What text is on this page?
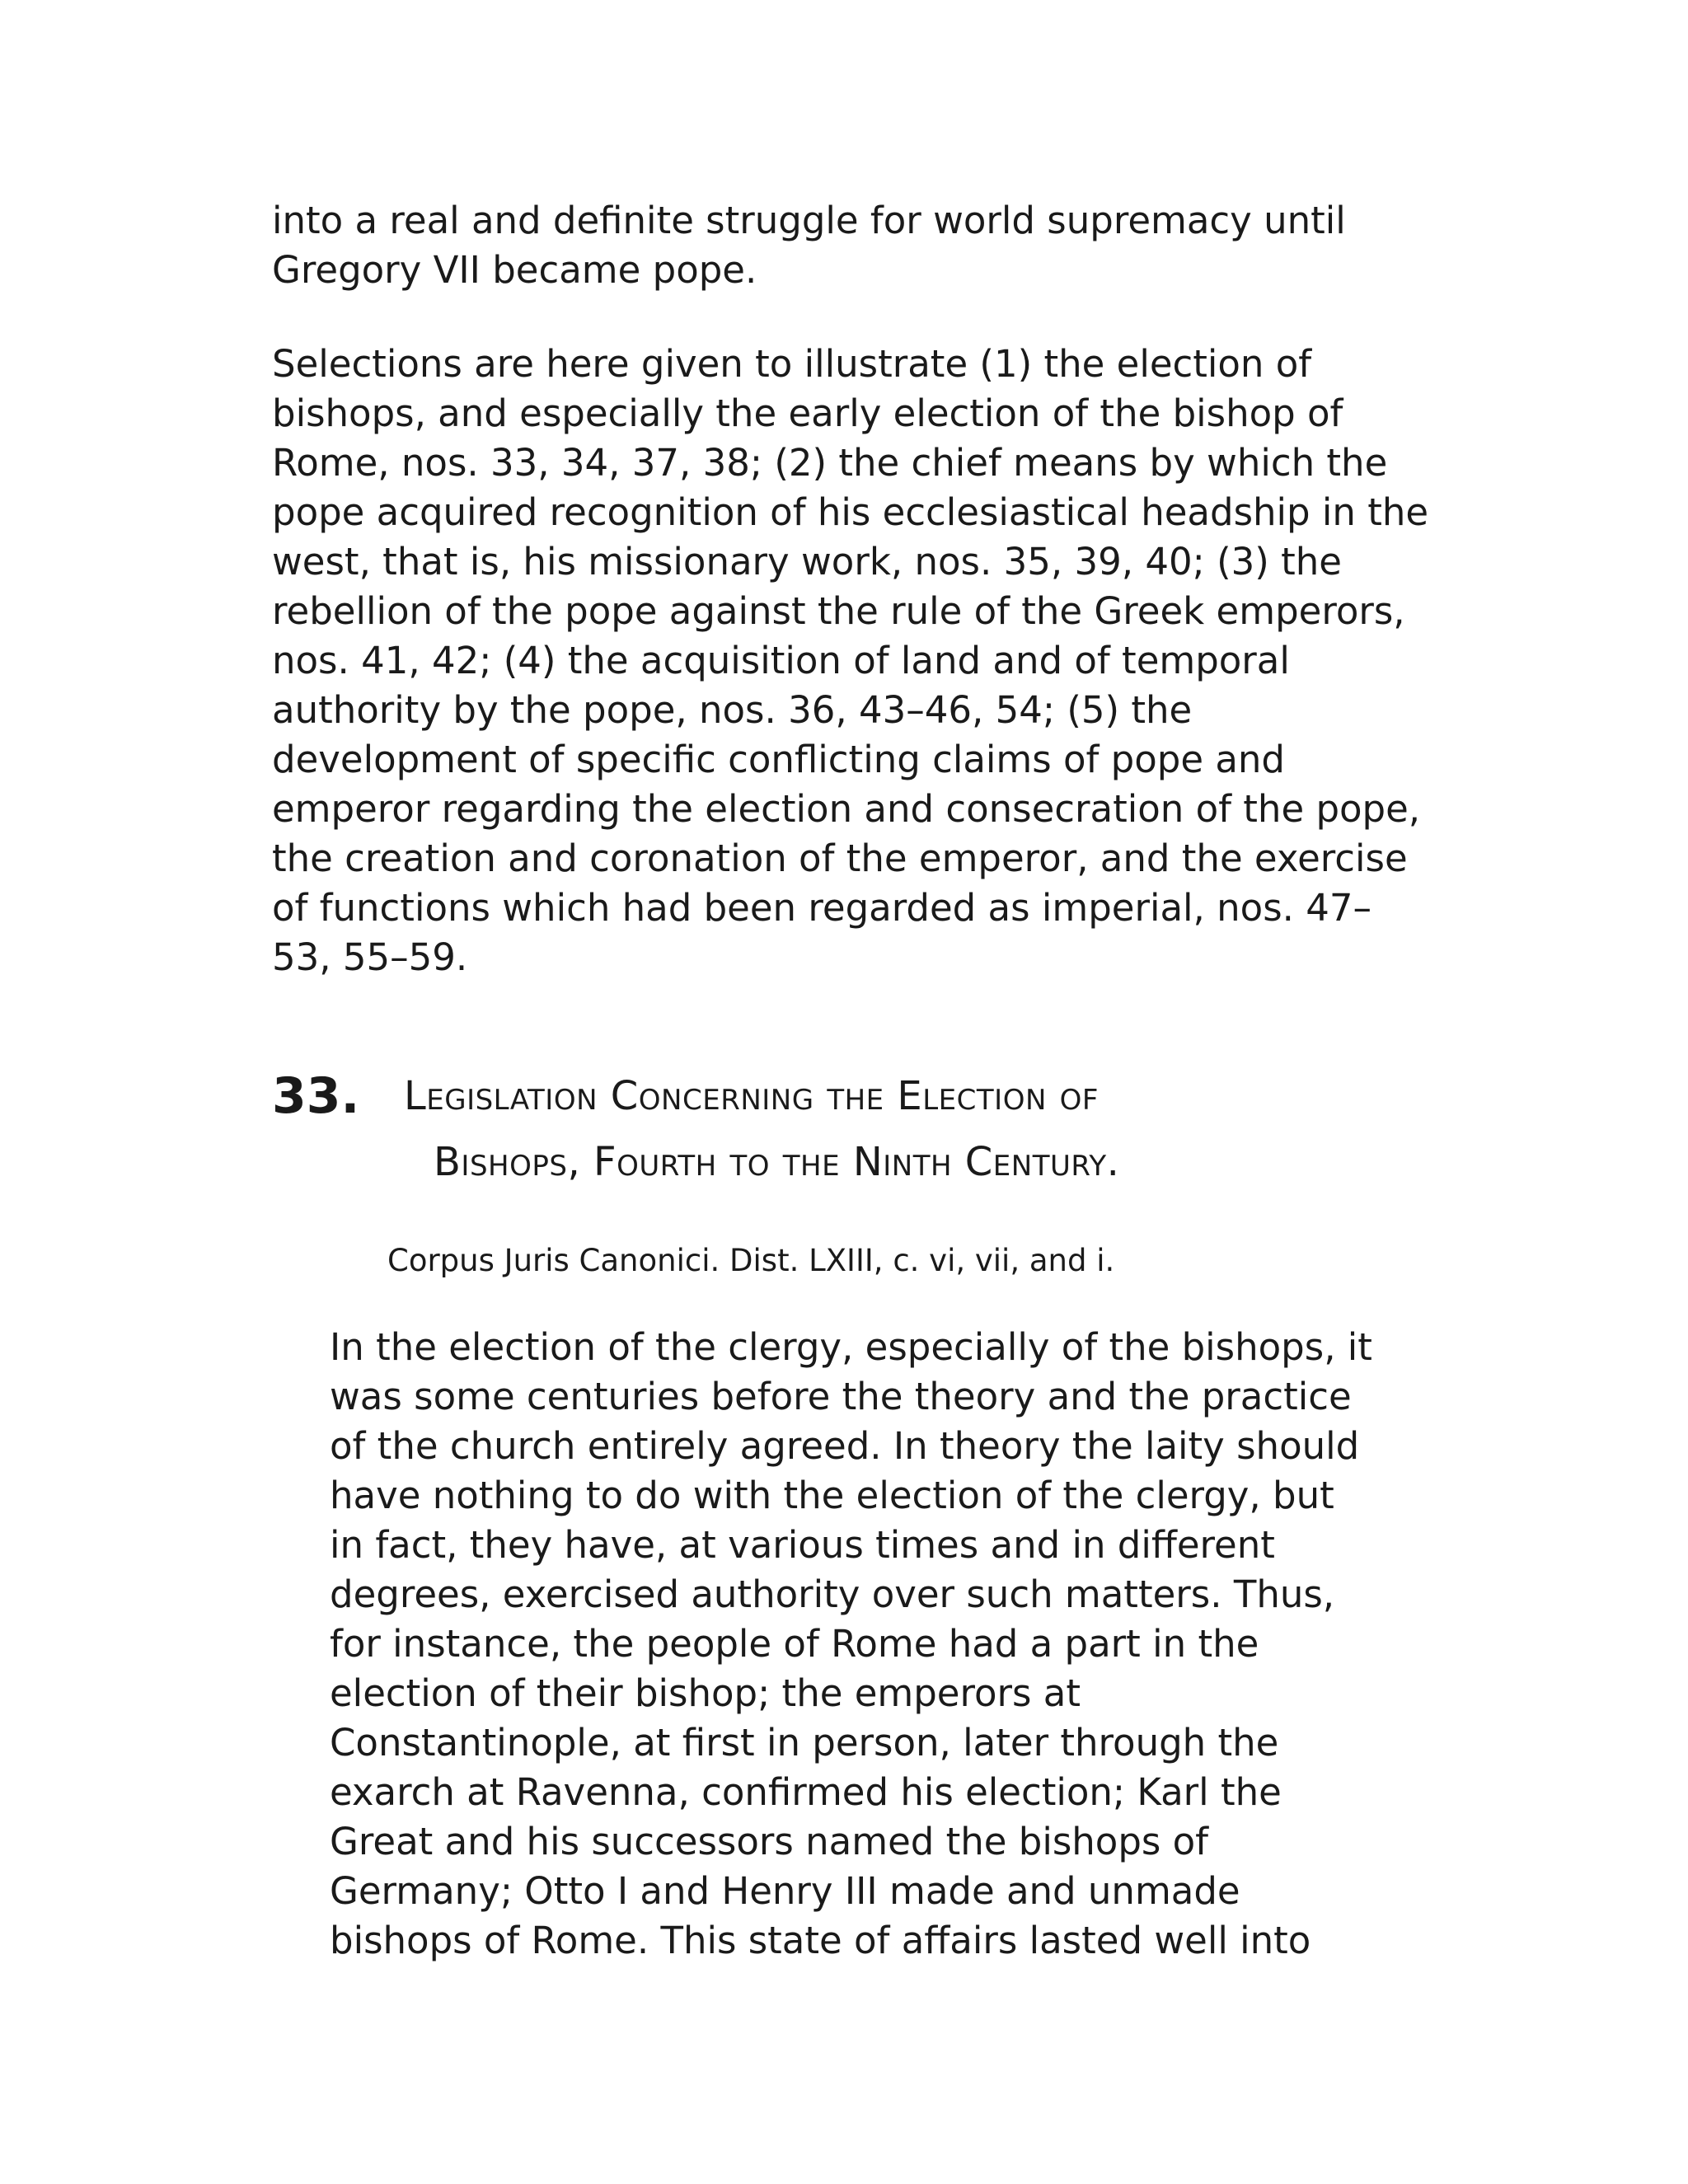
into a real and definite struggle for world supremacy until
Gregory VII became pope.

Selections are here given to illustrate (1) the election of
bishops, and especially the early election of the bishop of
Rome, nos. 33, 34, 37, 38; (2) the chief means by which the
pope acquired recognition of his ecclesiastical headship in the
west, that is, his missionary work, nos. 35, 39, 40; (3) the
rebellion of the pope against the rule of the Greek emperors,
nos. 41, 42; (4) the acquisition of land and of temporal
authority by the pope, nos. 36, 43–46, 54; (5) the
development of specific conflicting claims of pope and
emperor regarding the election and consecration of the pope,
the creation and coronation of the emperor, and the exercise
of functions which had been regarded as imperial, nos. 47–
53, 55–59.

33. Legislation Concerning the Election of
Bishops, Fourth to the Ninth Century.
Corpus Juris Canonici. Dist. LXIII, c. vi, vii, and i.

In the election of the clergy, especially of the bishops, it
was some centuries before the theory and the practice
of the church entirely agreed. In theory the laity should
have nothing to do with the election of the clergy, but
in fact, they have, at various times and in different
degrees, exercised authority over such matters. Thus,
for instance, the people of Rome had a part in the
election of their bishop; the emperors at
Constantinople, at first in person, later through the
exarch at Ravenna, confirmed his election; Karl the
Great and his successors named the bishops of
Germany; Otto I and Henry III made and unmade
bishops of Rome. This state of affairs lasted well into
